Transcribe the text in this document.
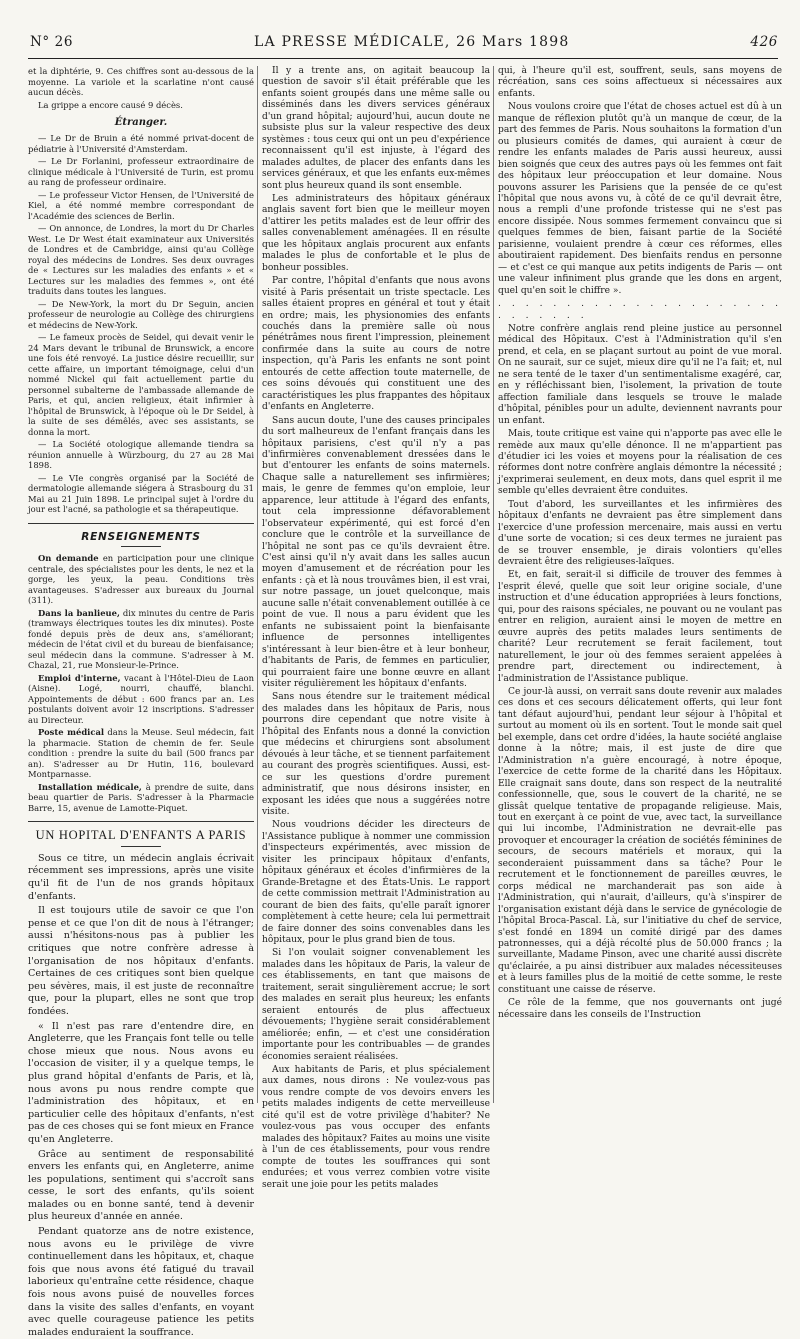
N° 26	LA PRESSE MÉDICALE, 26 Mars 1898	426

et la diphtérie, 9. Ces chiffres sont au-dessous de la moyenne. La variole et la scarlatine n'ont causé aucun décès.

La grippe a encore causé 9 décès.

Étranger.

— Le Dr de Bruin a été nommé privat-docent de pédiatrie à l'Université d'Amsterdam.

— Le Dr Forlanini, professeur extraordinaire de clinique médicale à l'Université de Turin, est promu au rang de professeur ordinaire.

— Le professeur Victor Hensen, de l'Université de Kiel, a été nommé membre correspondant de l'Académie des sciences de Berlin.

— On annonce, de Londres, la mort du Dr Charles West. Le Dr West était examinateur aux Universités de Londres et de Cambridge, ainsi qu'au Collège royal des médecins de Londres. Ses deux ouvrages de « Lectures sur les maladies des enfants » et « Lectures sur les maladies des femmes », ont été traduits dans toutes les langues.

— De New-York, la mort du Dr Seguin, ancien professeur de neurologie au Collège des chirurgiens et médecins de New-York.

— Le fameux procès de Seidel, qui devait venir le 24 Mars devant le tribunal de Brunswick, a encore une fois été renvoyé. La justice désire recueillir, sur cette affaire, un important témoignage, celui d'un nommé Nickel qui fait actuellement partie du personnel subalterne de l'ambassade allemande de Paris, et qui, ancien religieux, était infirmier à l'hôpital de Brunswick, à l'époque où le Dr Seidel, à la suite de ses démêlés, avec ses assistants, se donna la mort.

— La Société otologique allemande tiendra sa réunion annuelle à Würzbourg, du 27 au 28 Mai 1898.

— Le VIe congrès organisé par la Société de dermatologie allemande siégera à Strasbourg du 31 Mai au 21 Juin 1898. Le principal sujet à l'ordre du jour est l'acné, sa pathologie et sa thérapeutique.

RENSEIGNEMENTS

On demande en participation pour une clinique centrale, des spécialistes pour les dents, le nez et la gorge, les yeux, la peau. Conditions très avantageuses. S'adresser aux bureaux du Journal (311).

Dans la banlieue, dix minutes du centre de Paris (tramways électriques toutes les dix minutes). Poste fondé depuis près de deux ans, s'améliorant; médecin de l'état civil et du bureau de bienfaisance; seul médecin dans la commune. S'adresser à M. Chazal, 21, rue Monsieur-le-Prince.

Emploi d'interne, vacant à l'Hôtel-Dieu de Laon (Aisne). Logé, nourri, chauffé, blanchi. Appointements de début : 600 francs par an. Les postulants doivent avoir 12 inscriptions. S'adresser au Directeur.

Poste médical dans la Meuse. Seul médecin, fait la pharmacie. Station de chemin de fer. Seule condition : prendre la suite du bail (500 francs par an). S'adresser au Dr Hutin, 116, boulevard Montparnasse.

Installation médicale, à prendre de suite, dans beau quartier de Paris. S'adresser à la Pharmacie Barre, 15, avenue de Lamotte-Piquet.

UN HOPITAL D'ENFANTS A PARIS

Sous ce titre, un médecin anglais écrivait récemment ses impressions, après une visite qu'il fit de l'un de nos grands hôpitaux d'enfants.

Il est toujours utile de savoir ce que l'on pense et ce que l'on dit de nous à l'étranger; aussi n'hésitons-nous pas à publier les critiques que notre confrère adresse à l'organisation de nos hôpitaux d'enfants. Certaines de ces critiques sont bien quelque peu sévères, mais, il est juste de reconnaître que, pour la plupart, elles ne sont que trop fondées.

« Il n'est pas rare d'entendre dire, en Angleterre, que les Français font telle ou telle chose mieux que nous. Nous avons eu l'occasion de visiter, il y a quelque temps, le plus grand hôpital d'enfants de Paris, et là, nous avons pu nous rendre compte que l'administration des hôpitaux, et en particulier celle des hôpitaux d'enfants, n'est pas de ces choses qui se font mieux en France qu'en Angleterre.

Grâce au sentiment de responsabilité envers les enfants qui, en Angleterre, anime les populations, sentiment qui s'accroît sans cesse, le sort des enfants, qu'ils soient malades ou en bonne santé, tend à devenir plus heureux d'année en année.

Pendant quatorze ans de notre existence, nous avons eu le privilège de vivre continuellement dans les hôpitaux, et, chaque fois que nous avons été fatigué du travail laborieux qu'entraîne cette résidence, chaque fois nous avons puisé de nouvelles forces dans la visite des salles d'enfants, en voyant avec quelle courageuse patience les petits malades enduraient la souffrance.

Il y a trente ans, on agitait beaucoup la question de savoir s'il était préférable que les enfants soient groupés dans une même salle ou disséminés dans les divers services généraux d'un grand hôpital; aujourd'hui, aucun doute ne subsiste plus sur la valeur respective des deux systèmes : tous ceux qui ont un peu d'expérience reconnaissent qu'il est injuste, à l'égard des malades adultes, de placer des enfants dans les services généraux, et que les enfants eux-mêmes sont plus heureux quand ils sont ensemble.

Les administrateurs des hôpitaux généraux anglais savent fort bien que le meilleur moyen d'attirer les petits malades est de leur offrir des salles convenablement aménagées. Il en résulte que les hôpitaux anglais procurent aux enfants malades le plus de confortable et le plus de bonheur possibles.

Par contre, l'hôpital d'enfants que nous avons visité à Paris présentait un triste spectacle. Les salles étaient propres en général et tout y était en ordre; mais, les physionomies des enfants couchés dans la première salle où nous pénétrâmes nous firent l'impression, pleinement confirmée dans la suite au cours de notre inspection, qu'à Paris les enfants ne sont point entourés de cette affection toute maternelle, de ces soins dévoués qui constituent une des caractéristiques les plus frappantes des hôpitaux d'enfants en Angleterre.

Sans aucun doute, l'une des causes principales du sort malheureux de l'enfant français dans les hôpitaux parisiens, c'est qu'il n'y a pas d'infirmières convenablement dressées dans le but d'entourer les enfants de soins maternels. Chaque salle a naturellement ses infirmières; mais, le genre de femmes qu'on emploie, leur apparence, leur attitude à l'égard des enfants, tout cela impressionne défavorablement l'observateur expérimenté, qui est forcé d'en conclure que le contrôle et la surveillance de l'hôpital ne sont pas ce qu'ils devraient être. C'est ainsi qu'il n'y avait dans les salles aucun moyen d'amusement et de récréation pour les enfants : çà et là nous trouvâmes bien, il est vrai, sur notre passage, un jouet quelconque, mais aucune salle n'était convenablement outillée à ce point de vue. Il nous a paru évident que les enfants ne subissaient point la bienfaisante influence de personnes intelligentes s'intéressant à leur bien-être et à leur bonheur, d'habitants de Paris, de femmes en particulier, qui pourraient faire une bonne œuvre en allant visiter régulièrement les hôpitaux d'enfants.

Sans nous étendre sur le traitement médical des malades dans les hôpitaux de Paris, nous pourrons dire cependant que notre visite à l'hôpital des Enfants nous a donné la conviction que médecins et chirurgiens sont absolument dévoués à leur tâche, et se tiennent parfaitement au courant des progrès scientifiques. Aussi, est-ce sur les questions d'ordre purement administratif, que nous désirons insister, en exposant les idées que nous a suggérées notre visite.

Nous voudrions décider les directeurs de l'Assistance publique à nommer une commission d'inspecteurs expérimentés, avec mission de visiter les principaux hôpitaux d'enfants, hôpitaux généraux et écoles d'infirmières de la Grande-Bretagne et des États-Unis. Le rapport de cette commission mettrait l'Administration au courant de bien des faits, qu'elle paraît ignorer complètement à cette heure; cela lui permettrait de faire donner des soins convenables dans les hôpitaux, pour le plus grand bien de tous.

Si l'on voulait soigner convenablement les malades dans les hôpitaux de Paris, la valeur de ces établissements, en tant que maisons de traitement, serait singulièrement accrue; le sort des malades en serait plus heureux; les enfants seraient entourés de plus affectueux dévouements; l'hygiène serait considérablement améliorée; enfin, — et c'est une considération importante pour les contribuables — de grandes économies seraient réalisées.

Aux habitants de Paris, et plus spécialement aux dames, nous dirons : Ne voulez-vous pas vous rendre compte de vos devoirs envers les petits malades indigents de cette merveilleuse cité qu'il est de votre privilège d'habiter? Ne voulez-vous pas vous occuper des enfants malades des hôpitaux? Faites au moins une visite à l'un de ces établissements, pour vous rendre compte de toutes les souffrances qui sont endurées; et vous verrez combien votre visite serait une joie pour les petits malades

qui, à l'heure qu'il est, souffrent, seuls, sans moyens de récréation, sans ces soins affectueux si nécessaires aux enfants.

Nous voulons croire que l'état de choses actuel est dû à un manque de réflexion plutôt qu'à un manque de cœur, de la part des femmes de Paris. Nous souhaitons la formation d'un ou plusieurs comités de dames, qui auraient à cœur de rendre les enfants malades de Paris aussi heureux, aussi bien soignés que ceux des autres pays où les femmes ont fait des hôpitaux leur préoccupation et leur domaine. Nous pouvons assurer les Parisiens que la pensée de ce qu'est l'hôpital que nous avons vu, à côté de ce qu'il devrait être, nous a rempli d'une profonde tristesse qui ne s'est pas encore dissipée. Nous sommes fermement convaincu que si quelques femmes de bien, faisant partie de la Société parisienne, voulaient prendre à cœur ces réformes, elles aboutiraient rapidement. Des bienfaits rendus en personne — et c'est ce qui manque aux petits indigents de Paris — ont une valeur infiniment plus grande que les dons en argent, quel qu'en soit le chiffre ».

. . . . . . . . . . . . . . . . . . . . . . . . . . . .

Notre confrère anglais rend pleine justice au personnel médical des Hôpitaux. C'est à l'Administration qu'il s'en prend, et cela, en se plaçant surtout au point de vue moral. On ne saurait, sur ce sujet, mieux dire qu'il ne l'a fait; et, nul ne sera tenté de le taxer d'un sentimentalisme exagéré, car, en y réfléchissant bien, l'isolement, la privation de toute affection familiale dans lesquels se trouve le malade d'hôpital, pénibles pour un adulte, deviennent navrants pour un enfant.

Mais, toute critique est vaine qui n'apporte pas avec elle le remède aux maux qu'elle dénonce. Il ne m'appartient pas d'étudier ici les voies et moyens pour la réalisation de ces réformes dont notre confrère anglais démontre la nécessité ; j'exprimerai seulement, en deux mots, dans quel esprit il me semble qu'elles devraient être conduites.

Tout d'abord, les surveillantes et les infirmières des hôpitaux d'enfants ne devraient pas être simplement dans l'exercice d'une profession mercenaire, mais aussi en vertu d'une sorte de vocation; si ces deux termes ne juraient pas de se trouver ensemble, je dirais volontiers qu'elles devraient être des religieuses-laïques.

Et, en fait, serait-il si difficile de trouver des femmes à l'esprit élevé, quelle que soit leur origine sociale, d'une instruction et d'une éducation appropriées à leurs fonctions, qui, pour des raisons spéciales, ne pouvant ou ne voulant pas entrer en religion, auraient ainsi le moyen de mettre en œuvre auprès des petits malades leurs sentiments de charité? Leur recrutement se ferait facilement, tout naturellement, le jour où des femmes seraient appelées à prendre part, directement ou indirectement, à l'administration de l'Assistance publique.

Ce jour-là aussi, on verrait sans doute revenir aux malades ces dons et ces secours délicatement offerts, qui leur font tant défaut aujourd'hui, pendant leur séjour à l'hôpital et surtout au moment où ils en sortent. Tout le monde sait quel bel exemple, dans cet ordre d'idées, la haute société anglaise donne à la nôtre; mais, il est juste de dire que l'Administration n'a guère encouragé, à notre époque, l'exercice de cette forme de la charité dans les Hôpitaux. Elle craignait sans doute, dans son respect de la neutralité confessionnelle, que, sous le couvert de la charité, ne se glissât quelque tentative de propagande religieuse. Mais, tout en exerçant à ce point de vue, avec tact, la surveillance qui lui incombe, l'Administration ne devrait-elle pas provoquer et encourager la création de sociétés féminines de secours, de secours matériels et moraux, qui la seconderaient puissamment dans sa tâche? Pour le recrutement et le fonctionnement de pareilles œuvres, le corps médical ne marchanderait pas son aide à l'Administration, qui n'aurait, d'ailleurs, qu'à s'inspirer de l'organisation existant déjà dans le service de gynécologie de l'hôpital Broca-Pascal. Là, sur l'initiative du chef de service, s'est fondé en 1894 un comité dirigé par des dames patronnesses, qui a déjà récolté plus de 50.000 francs ; la surveillante, Madame Pinson, avec une charité aussi discrète qu'éclairée, a pu ainsi distribuer aux malades nécessiteuses et à leurs familles plus de la moitié de cette somme, le reste constituant une caisse de réserve.

Ce rôle de la femme, que nos gouvernants ont jugé nécessaire dans les conseils de l'Instruction
